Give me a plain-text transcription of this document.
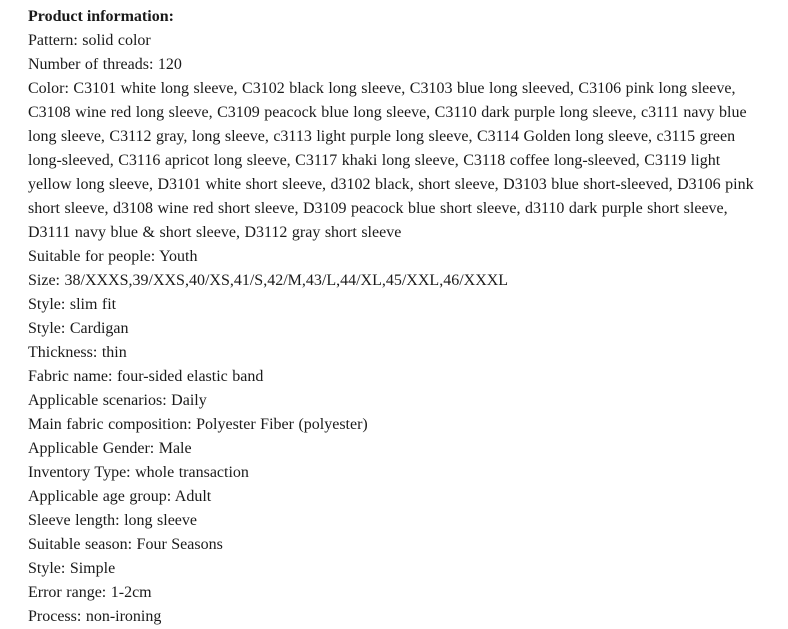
Product information:

Pattern: solid color

Number of threads: 120

Color: C3101 white long sleeve, C3102 black long sleeve, C3103 blue long sleeved, C3106 pink long sleeve, C3108 wine red long sleeve, C3109 peacock blue long sleeve, C3110 dark purple long sleeve, c3111 navy blue long sleeve, C3112 gray, long sleeve, c3113 light purple long sleeve, C3114 Golden long sleeve, c3115 green long-sleeved, C3116 apricot long sleeve, C3117 khaki long sleeve, C3118 coffee long-sleeved, C3119 light yellow long sleeve, D3101 white short sleeve, d3102 black, short sleeve, D3103 blue short-sleeved, D3106 pink short sleeve, d3108 wine red short sleeve, D3109 peacock blue short sleeve, d3110 dark purple short sleeve, D3111 navy blue & short sleeve, D3112 gray short sleeve

Suitable for people: Youth

Size: 38/XXXS,39/XXS,40/XS,41/S,42/M,43/L,44/XL,45/XXL,46/XXXL

Style: slim fit

Style: Cardigan

Thickness: thin

Fabric name: four-sided elastic band

Applicable scenarios: Daily

Main fabric composition: Polyester Fiber (polyester)

Applicable Gender: Male

Inventory Type: whole transaction

Applicable age group: Adult

Sleeve length: long sleeve

Suitable season: Four Seasons

Style: Simple

Error range: 1-2cm

Process: non-ironing
